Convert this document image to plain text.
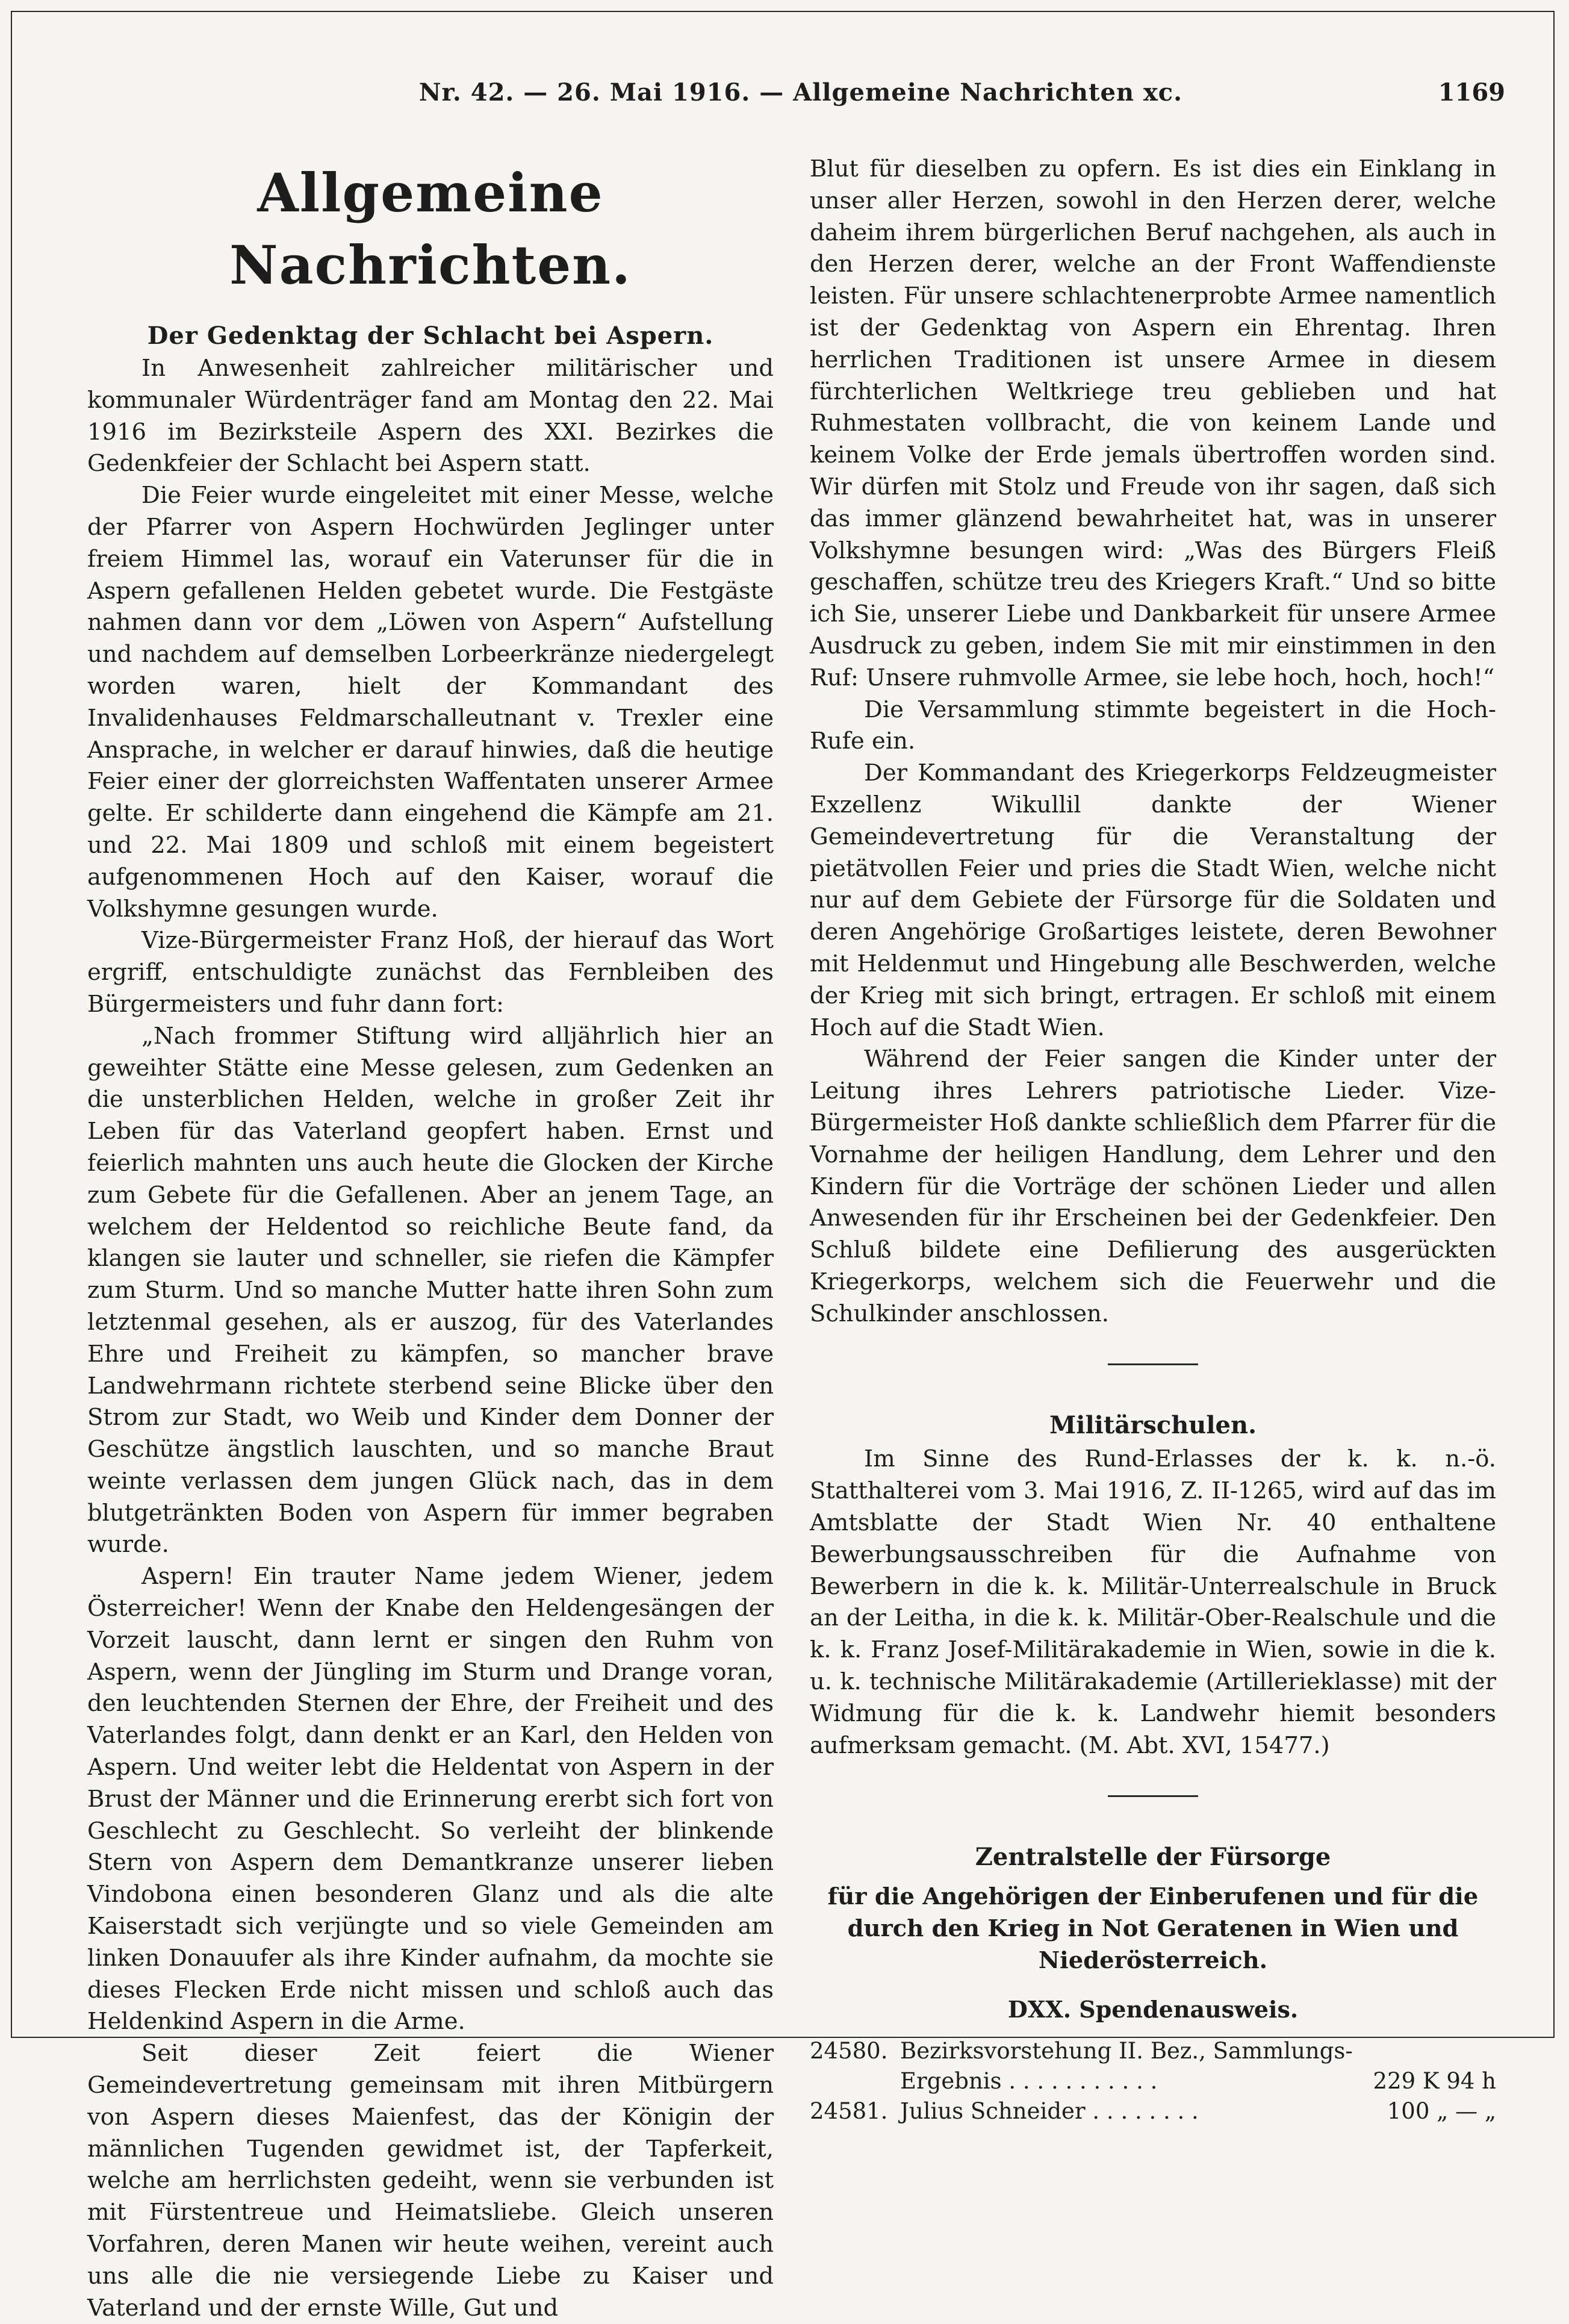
Nr. 42. — 26. Mai 1916. — Allgemeine Nachrichten xc.	1169

Allgemeine Nachrichten.
Der Gedenktag der Schlacht bei Aspern.

In Anwesenheit zahlreicher militärischer und kommunaler Würdenträger fand am Montag den 22. Mai 1916 im Bezirksteile Aspern des XXI. Bezirkes die Gedenkfeier der Schlacht bei Aspern statt.

Die Feier wurde eingeleitet mit einer Messe, welche der Pfarrer von Aspern Hochwürden Jeglinger unter freiem Himmel las, worauf ein Vaterunser für die in Aspern gefallenen Helden gebetet wurde. Die Festgäste nahmen dann vor dem „Löwen von Aspern“ Aufstellung und nachdem auf demselben Lorbeerkränze niedergelegt worden waren, hielt der Kommandant des Invalidenhauses Feldmarschalleutnant v. Trexler eine Ansprache, in welcher er darauf hinwies, daß die heutige Feier einer der glorreichsten Waffentaten unserer Armee gelte. Er schilderte dann eingehend die Kämpfe am 21. und 22. Mai 1809 und schloß mit einem begeistert aufgenommenen Hoch auf den Kaiser, worauf die Volkshymne gesungen wurde.

Vize-Bürgermeister Franz Hoß, der hierauf das Wort ergriff, entschuldigte zunächst das Fernbleiben des Bürgermeisters und fuhr dann fort:

„Nach frommer Stiftung wird alljährlich hier an geweihter Stätte eine Messe gelesen, zum Gedenken an die unsterblichen Helden, welche in großer Zeit ihr Leben für das Vaterland geopfert haben. Ernst und feierlich mahnten uns auch heute die Glocken der Kirche zum Gebete für die Gefallenen. Aber an jenem Tage, an welchem der Heldentod so reichliche Beute fand, da klangen sie lauter und schneller, sie riefen die Kämpfer zum Sturm. Und so manche Mutter hatte ihren Sohn zum letztenmal gesehen, als er auszog, für des Vaterlandes Ehre und Freiheit zu kämpfen, so mancher brave Landwehrmann richtete sterbend seine Blicke über den Strom zur Stadt, wo Weib und Kinder dem Donner der Geschütze ängstlich lauschten, und so manche Braut weinte verlassen dem jungen Glück nach, das in dem blutgetränkten Boden von Aspern für immer begraben wurde.

Aspern! Ein trauter Name jedem Wiener, jedem Österreicher! Wenn der Knabe den Heldengesängen der Vorzeit lauscht, dann lernt er singen den Ruhm von Aspern, wenn der Jüngling im Sturm und Drange voran, den leuchtenden Sternen der Ehre, der Freiheit und des Vaterlandes folgt, dann denkt er an Karl, den Helden von Aspern. Und weiter lebt die Heldentat von Aspern in der Brust der Männer und die Erinnerung ererbt sich fort von Geschlecht zu Geschlecht. So verleiht der blinkende Stern von Aspern dem Demantkranze unserer lieben Vindobona einen besonderen Glanz und als die alte Kaiserstadt sich verjüngte und so viele Gemeinden am linken Donauufer als ihre Kinder aufnahm, da mochte sie dieses Flecken Erde nicht missen und schloß auch das Heldenkind Aspern in die Arme.

Seit dieser Zeit feiert die Wiener Gemeindevertretung gemeinsam mit ihren Mitbürgern von Aspern dieses Maienfest, das der Königin der männlichen Tugenden gewidmet ist, der Tapferkeit, welche am herrlichsten gedeiht, wenn sie verbunden ist mit Fürstentreue und Heimatsliebe. Gleich unseren Vorfahren, deren Manen wir heute weihen, vereint auch uns alle die nie versiegende Liebe zu Kaiser und Vaterland und der ernste Wille, Gut und

Blut für dieselben zu opfern. Es ist dies ein Einklang in unser aller Herzen, sowohl in den Herzen derer, welche daheim ihrem bürgerlichen Beruf nachgehen, als auch in den Herzen derer, welche an der Front Waffendienste leisten. Für unsere schlachtenerprobte Armee namentlich ist der Gedenktag von Aspern ein Ehrentag. Ihren herrlichen Traditionen ist unsere Armee in diesem fürchterlichen Weltkriege treu geblieben und hat Ruhmestaten vollbracht, die von keinem Lande und keinem Volke der Erde jemals übertroffen worden sind. Wir dürfen mit Stolz und Freude von ihr sagen, daß sich das immer glänzend bewahrheitet hat, was in unserer Volkshymne besungen wird: „Was des Bürgers Fleiß geschaffen, schütze treu des Kriegers Kraft.“ Und so bitte ich Sie, unserer Liebe und Dankbarkeit für unsere Armee Ausdruck zu geben, indem Sie mit mir einstimmen in den Ruf: Unsere ruhmvolle Armee, sie lebe hoch, hoch, hoch!“

Die Versammlung stimmte begeistert in die Hoch-Rufe ein.

Der Kommandant des Kriegerkorps Feldzeugmeister Exzellenz Wikullil dankte der Wiener Gemeindevertretung für die Veranstaltung der pietätvollen Feier und pries die Stadt Wien, welche nicht nur auf dem Gebiete der Fürsorge für die Soldaten und deren Angehörige Großartiges leistete, deren Bewohner mit Heldenmut und Hingebung alle Beschwerden, welche der Krieg mit sich bringt, ertragen. Er schloß mit einem Hoch auf die Stadt Wien.

Während der Feier sangen die Kinder unter der Leitung ihres Lehrers patriotische Lieder. Vize-Bürgermeister Hoß dankte schließlich dem Pfarrer für die Vornahme der heiligen Handlung, dem Lehrer und den Kindern für die Vorträge der schönen Lieder und allen Anwesenden für ihr Erscheinen bei der Gedenkfeier. Den Schluß bildete eine Defilierung des ausgerückten Kriegerkorps, welchem sich die Feuerwehr und die Schulkinder anschlossen.

Militärschulen.

Im Sinne des Rund-Erlasses der k. k. n.-ö. Statthalterei vom 3. Mai 1916, Z. II-1265, wird auf das im Amtsblatte der Stadt Wien Nr. 40 enthaltene Bewerbungsausschreiben für die Aufnahme von Bewerbern in die k. k. Militär-Unterrealschule in Bruck an der Leitha, in die k. k. Militär-Ober-Realschule und die k. k. Franz Josef-Militärakademie in Wien, sowie in die k. u. k. technische Militärakademie (Artillerieklasse) mit der Widmung für die k. k. Landwehr hiemit besonders aufmerksam gemacht. (M. Abt. XVI, 15477.)

Zentralstelle der Fürsorge

für die Angehörigen der Einberufenen und für die durch den Krieg in Not Geratenen in Wien und Niederösterreich.

DXX. Spendenausweis.
24580. Bezirksvorstehung II. Bez., Sammlungs-
Ergebnis . . . . . . . . . . .	229 K 94 h
24581. Julius Schneider . . . . . . . .	100 „ — „
